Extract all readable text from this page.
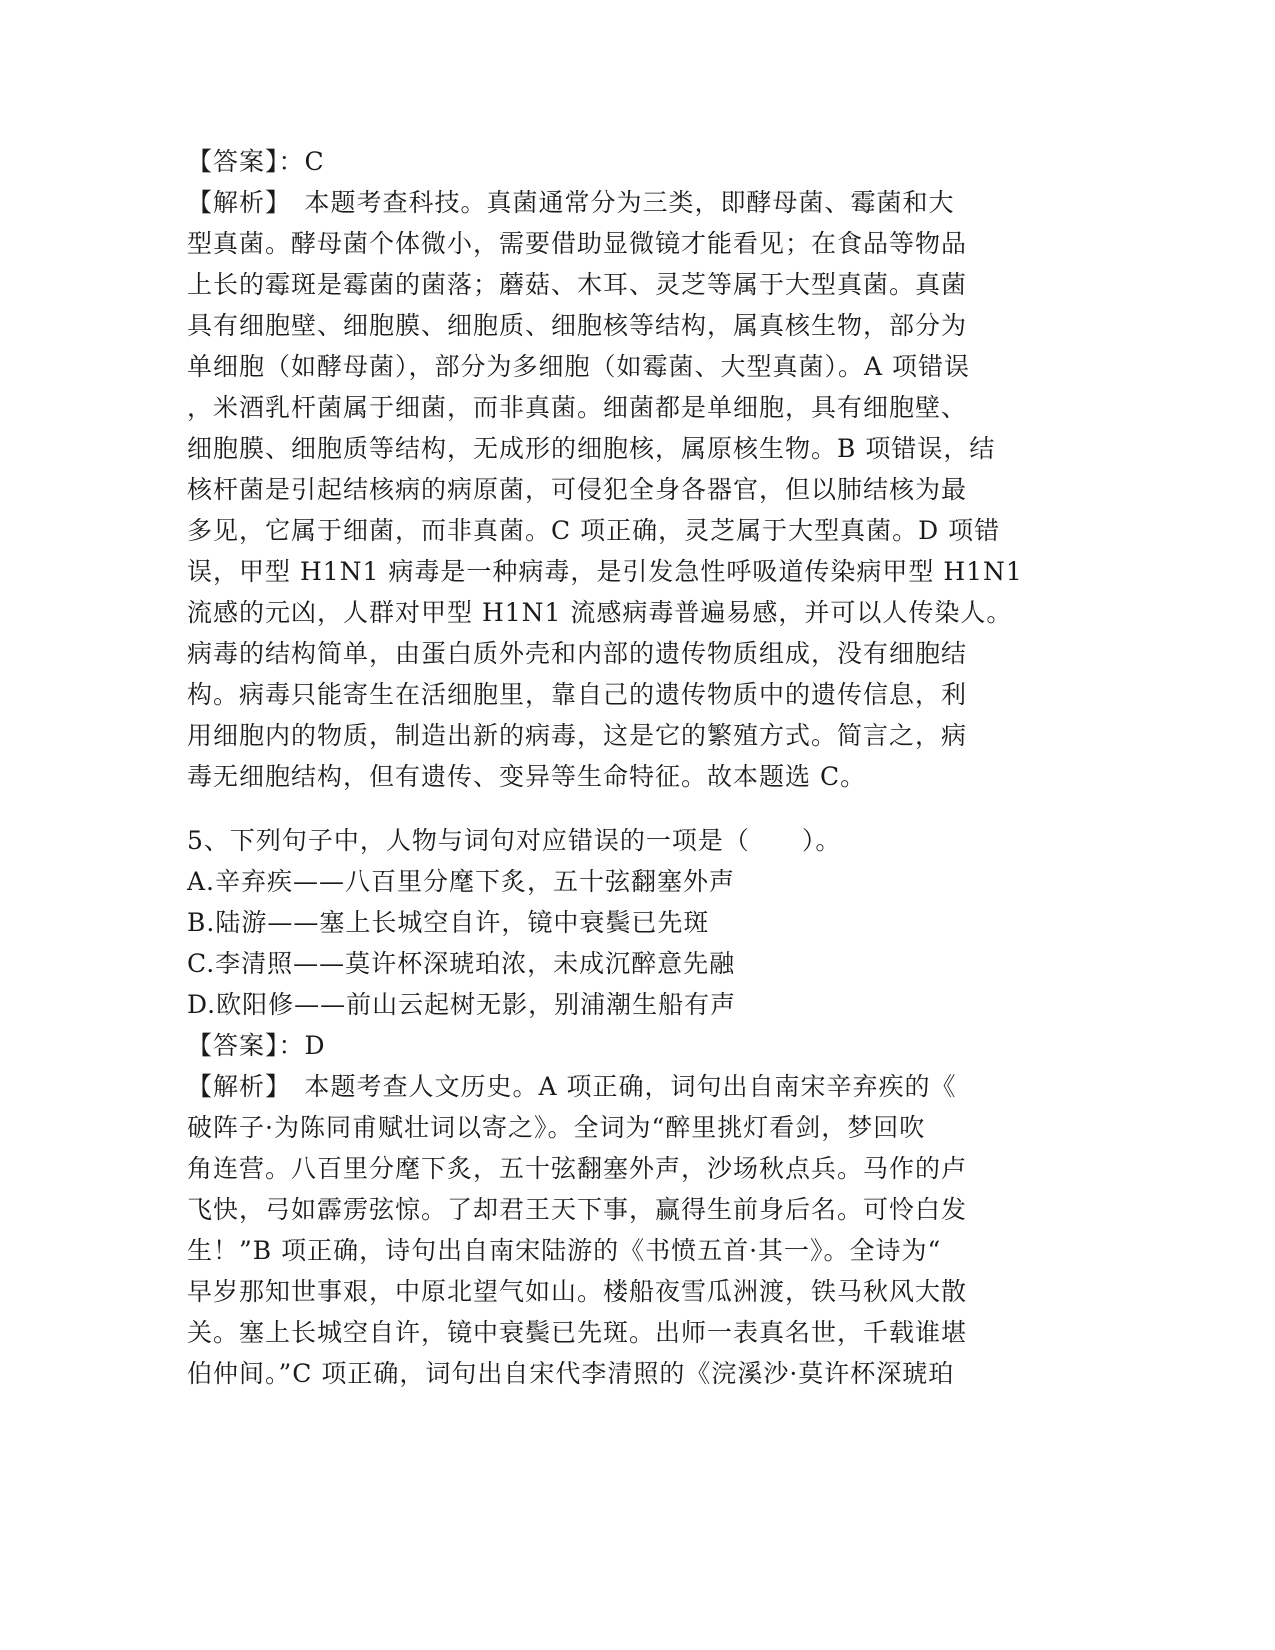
【答案】：C
【解析】　本题考查科技。真菌通常分为三类，即酵母菌、霉菌和大
型真菌。酵母菌个体微小，需要借助显微镜才能看见；在食品等物品
上长的霉斑是霉菌的菌落；蘑菇、木耳、灵芝等属于大型真菌。真菌
具有细胞壁、细胞膜、细胞质、细胞核等结构，属真核生物，部分为
单细胞（如酵母菌），部分为多细胞（如霉菌、大型真菌）。A 项错误
，米酒乳杆菌属于细菌，而非真菌。细菌都是单细胞，具有细胞壁、
细胞膜、细胞质等结构，无成形的细胞核，属原核生物。B 项错误，结
核杆菌是引起结核病的病原菌，可侵犯全身各器官，但以肺结核为最
多见，它属于细菌，而非真菌。C 项正确，灵芝属于大型真菌。D 项错
误，甲型 H1N1 病毒是一种病毒，是引发急性呼吸道传染病甲型 H1N1
流感的元凶，人群对甲型 H1N1 流感病毒普遍易感，并可以人传染人。
病毒的结构简单，由蛋白质外壳和内部的遗传物质组成，没有细胞结
构。病毒只能寄生在活细胞里，靠自己的遗传物质中的遗传信息，利
用细胞内的物质，制造出新的病毒，这是它的繁殖方式。简言之，病
毒无细胞结构，但有遗传、变异等生命特征。故本题选 C。
5、下列句子中，人物与词句对应错误的一项是（　　）。
A.辛弃疾——八百里分麾下炙，五十弦翻塞外声
B.陆游——塞上长城空自许，镜中衰鬓已先斑
C.李清照——莫许杯深琥珀浓，未成沉醉意先融
D.欧阳修——前山云起树无影，别浦潮生船有声
【答案】：D
【解析】　本题考查人文历史。A 项正确，词句出自南宋辛弃疾的《
破阵子·为陈同甫赋壮词以寄之》。全词为“醉里挑灯看剑，梦回吹
角连营。八百里分麾下炙，五十弦翻塞外声，沙场秋点兵。马作的卢
飞快，弓如霹雳弦惊。了却君王天下事，赢得生前身后名。可怜白发
生！”B 项正确，诗句出自南宋陆游的《书愤五首·其一》。全诗为“
早岁那知世事艰，中原北望气如山。楼船夜雪瓜洲渡，铁马秋风大散
关。塞上长城空自许，镜中衰鬓已先斑。出师一表真名世，千载谁堪
伯仲间。”C 项正确，词句出自宋代李清照的《浣溪沙·莫许杯深琥珀
